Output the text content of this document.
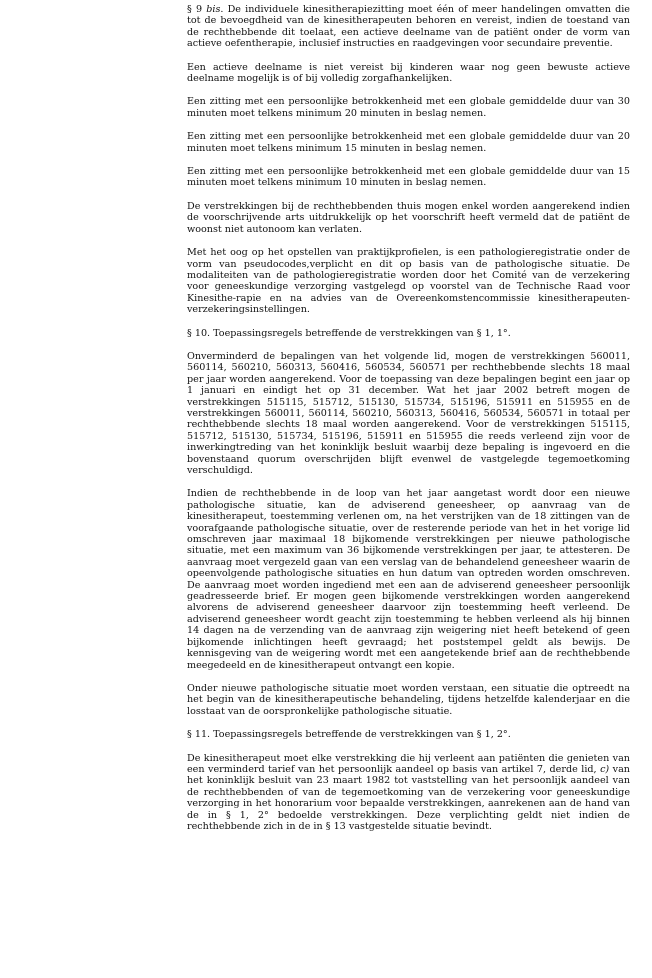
§ 9 bis. De individuele kinesitherapiezitting moet één of meer handelingen omvatten die tot de bevoegdheid van de kinesitherapeuten behoren en vereist, indien de toestand van de rechthebbende dit toelaat, een actieve deelname van de patiënt onder de vorm van actieve oefentherapie, inclusief instructies en raadgevingen voor secundaire preventie.

Een actieve deelname is niet vereist bij kinderen waar nog geen bewuste actieve deelname mogelijk is of bij volledig zorgafhankelijken.

Een zitting met een persoonlijke betrokkenheid met een globale gemiddelde duur van 30 minuten moet telkens minimum 20 minuten in beslag nemen.

Een zitting met een persoonlijke betrokkenheid met een globale gemiddelde duur van 20 minuten moet telkens minimum 15 minuten in beslag nemen.

Een zitting met een persoonlijke betrokkenheid met een globale gemiddelde duur van 15 minuten moet telkens minimum 10 minuten in beslag nemen.

De verstrekkingen bij de rechthebbenden thuis mogen enkel worden aangerekend indien de voorschrijvende arts uitdrukkelijk op het voorschrift heeft vermeld dat de patiënt de woonst niet autonoom kan verlaten.

Met het oog op het opstellen van praktijkprofielen, is een pathologieregistratie onder de vorm van pseudocodes,verplicht en dit op basis van de pathologische situatie. De modaliteiten van de pathologieregistratie worden door het Comité van de verzekering voor geneeskundige verzorging vastgelegd op voorstel van de Technische Raad voor Kinesithe-rapie en na advies van de Overeenkomstencommissie kinesitherapeuten-verzekeringsinstellingen.

§ 10. Toepassingsregels betreffende de verstrekkingen van § 1, 1°.

Onverminderd de bepalingen van het volgende lid, mogen de verstrekkingen 560011, 560114, 560210, 560313, 560416, 560534, 560571 per rechthebbende slechts 18 maal per jaar worden aangerekend. Voor de toepassing van deze bepalingen begint een jaar op 1 januari en eindigt het op 31 december. Wat het jaar 2002 betreft mogen de verstrekkingen 515115, 515712, 515130, 515734, 515196, 515911 en 515955 en de verstrekkingen 560011, 560114, 560210, 560313, 560416, 560534, 560571 in totaal per rechthebbende slechts 18 maal worden aangerekend. Voor de verstrekkingen 515115, 515712, 515130, 515734, 515196, 515911 en 515955 die reeds verleend zijn voor de inwerkingtreding van het koninklijk besluit waarbij deze bepaling is ingevoerd en die bovenstaand quorum overschrijden blijft evenwel de vastgelegde tegemoetkoming verschuldigd.

Indien de rechthebbende in de loop van het jaar aangetast wordt door een nieuwe pathologische situatie, kan de adviserend geneesheer, op aanvraag van de kinesitherapeut, toestemming verlenen om, na het verstrijken van de 18 zittingen van de voorafgaande pathologische situatie, over de resterende periode van het in het vorige lid omschreven jaar maximaal 18 bijkomende verstrekkingen per nieuwe pathologische situatie, met een maximum van 36 bijkomende verstrekkingen per jaar, te attesteren. De aanvraag moet vergezeld gaan van een verslag van de behandelend geneesheer waarin de opeenvolgende pathologische situaties en hun datum van optreden worden omschreven. De aanvraag moet worden ingediend met een aan de adviserend geneesheer persoonlijk geadresseerde brief. Er mogen geen bijkomende verstrekkingen worden aangerekend alvorens de adviserend geneesheer daarvoor zijn toestemming heeft verleend. De adviserend geneesheer wordt geacht zijn toestemming te hebben verleend als hij binnen 14 dagen na de verzending van de aanvraag zijn weigering niet heeft betekend of geen bijkomende inlichtingen heeft gevraagd; het poststempel geldt als bewijs. De kennisgeving van de weigering wordt met een aangetekende brief aan de rechthebbende meegedeeld en de kinesitherapeut ontvangt een kopie.

Onder nieuwe pathologische situatie moet worden verstaan, een situatie die optreedt na het begin van de kinesitherapeutische behandeling, tijdens hetzelfde kalenderjaar en die losstaat van de oorspronkelijke pathologische situatie.

§ 11. Toepassingsregels betreffende de verstrekkingen van § 1, 2°.

De kinesitherapeut moet elke verstrekking die hij verleent aan patiënten die genieten van een verminderd tarief van het persoonlijk aandeel op basis van artikel 7, derde lid, c) van het koninklijk besluit van 23 maart 1982 tot vaststelling van het persoonlijk aandeel van de rechthebbenden of van de tegemoetkoming van de verzekering voor geneeskundige verzorging in het honorarium voor bepaalde verstrekkingen, aanrekenen aan de hand van de in § 1, 2° bedoelde verstrekkingen. Deze verplichting geldt niet indien de rechthebbende zich in de in § 13 vastgestelde situatie bevindt.
